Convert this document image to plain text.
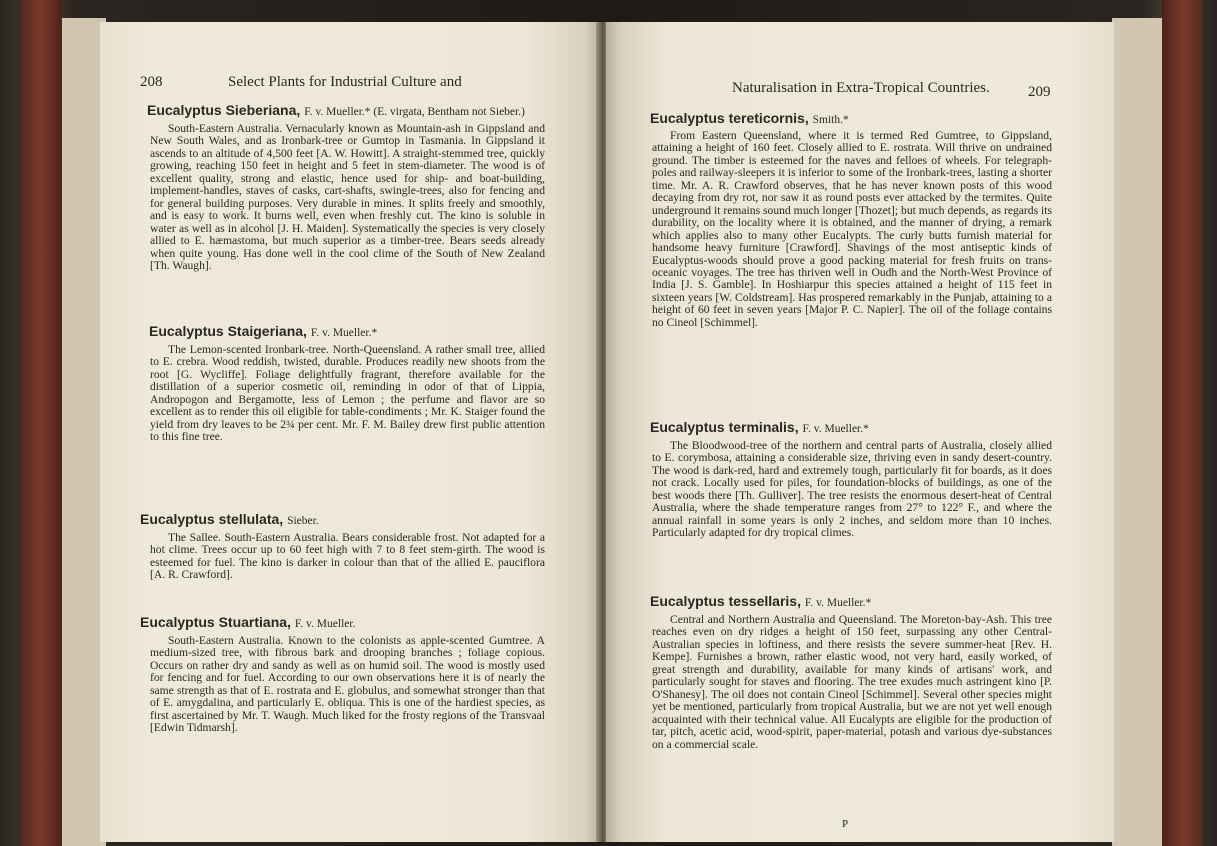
208	Select Plants for Industrial Culture and
Eucalyptus Sieberiana, F. v. Mueller.* (E. virgata, Bentham not Sieber.)
South-Eastern Australia. Vernacularly known as Mountain-ash in Gippsland and New South Wales, and as Ironbark-tree or Gumtop in Tasmania. In Gippsland it ascends to an altitude of 4,500 feet [A. W. Howitt]. A straight-stemmed tree, quickly growing, reaching 150 feet in height and 5 feet in stem-diameter. The wood is of excellent quality, strong and elastic, hence used for ship- and boat-building, implement-handles, staves of casks, cart-shafts, swingle-trees, also for fencing and for general building purposes. Very durable in mines. It splits freely and smoothly, and is easy to work. It burns well, even when freshly cut. The kino is soluble in water as well as in alcohol [J. H. Maiden]. Systematically the species is very closely allied to E. hæmastoma, but much superior as a timber-tree. Bears seeds already when quite young. Has done well in the cool clime of the South of New Zealand [Th. Waugh].
Eucalyptus Staigeriana, F. v. Mueller.*
The Lemon-scented Ironbark-tree. North-Queensland. A rather small tree, allied to E. crebra. Wood reddish, twisted, durable. Produces readily new shoots from the root [G. Wycliffe]. Foliage delightfully fragrant, therefore available for the distillation of a superior cosmetic oil, reminding in odor of that of Lippia, Andropogon and Bergamotte, less of Lemon ; the perfume and flavor are so excellent as to render this oil eligible for table-condiments ; Mr. K. Staiger found the yield from dry leaves to be 2¾ per cent. Mr. F. M. Bailey drew first public attention to this fine tree.
Eucalyptus stellulata, Sieber.
The Sallee. South-Eastern Australia. Bears considerable frost. Not adapted for a hot clime. Trees occur up to 60 feet high with 7 to 8 feet stem-girth. The wood is esteemed for fuel. The kino is darker in colour than that of the allied E. pauciflora [A. R. Crawford].
Eucalyptus Stuartiana, F. v. Mueller.
South-Eastern Australia. Known to the colonists as apple-scented Gumtree. A medium-sized tree, with fibrous bark and drooping branches ; foliage copious. Occurs on rather dry and sandy as well as on humid soil. The wood is mostly used for fencing and for fuel. According to our own observations here it is of nearly the same strength as that of E. rostrata and E. globulus, and somewhat stronger than that of E. amygdalina, and particularly E. obliqua. This is one of the hardiest species, as first ascertained by Mr. T. Waugh. Much liked for the frosty regions of the Transvaal [Edwin Tidmarsh].
Naturalisation in Extra-Tropical Countries.	209
Eucalyptus tereticornis, Smith.*
From Eastern Queensland, where it is termed Red Gumtree, to Gippsland, attaining a height of 160 feet. Closely allied to E. rostrata. Will thrive on undrained ground. The timber is esteemed for the naves and felloes of wheels. For telegraph-poles and railway-sleepers it is inferior to some of the Ironbark-trees, lasting a shorter time. Mr. A. R. Crawford observes, that he has never known posts of this wood decaying from dry rot, nor saw it as round posts ever attacked by the termites. Quite underground it remains sound much longer [Thozet]; but much depends, as regards its durability, on the locality where it is obtained, and the manner of drying, a remark which applies also to many other Eucalypts. The curly butts furnish material for handsome heavy furniture [Crawford]. Shavings of the most antiseptic kinds of Eucalyptus-woods should prove a good packing material for fresh fruits on trans-oceanic voyages. The tree has thriven well in Oudh and the North-West Province of India [J. S. Gamble]. In Hoshiarpur this species attained a height of 115 feet in sixteen years [W. Coldstream]. Has prospered remarkably in the Punjab, attaining to a height of 60 feet in seven years [Major P. C. Napier]. The oil of the foliage contains no Cineol [Schimmel].
Eucalyptus terminalis, F. v. Mueller.*
The Bloodwood-tree of the northern and central parts of Australia, closely allied to E. corymbosa, attaining a considerable size, thriving even in sandy desert-country. The wood is dark-red, hard and extremely tough, particularly fit for boards, as it does not crack. Locally used for piles, for foundation-blocks of buildings, as one of the best woods there [Th. Gulliver]. The tree resists the enormous desert-heat of Central Australia, where the shade temperature ranges from 27° to 122° F., and where the annual rainfall in some years is only 2 inches, and seldom more than 10 inches. Particularly adapted for dry tropical climes.
Eucalyptus tessellaris, F. v. Mueller.*
Central and Northern Australia and Queensland. The Moreton-bay-Ash. This tree reaches even on dry ridges a height of 150 feet, surpassing any other Central-Australian species in loftiness, and there resists the severe summer-heat [Rev. H. Kempe]. Furnishes a brown, rather elastic wood, not very hard, easily worked, of great strength and durability, available for many kinds of artisans' work, and particularly sought for staves and flooring. The tree exudes much astringent kino [P. O'Shanesy]. The oil does not contain Cineol [Schimmel]. Several other species might yet be mentioned, particularly from tropical Australia, but we are not yet well enough acquainted with their technical value. All Eucalypts are eligible for the production of tar, pitch, acetic acid, wood-spirit, paper-material, potash and various dye-substances on a commercial scale.
P
